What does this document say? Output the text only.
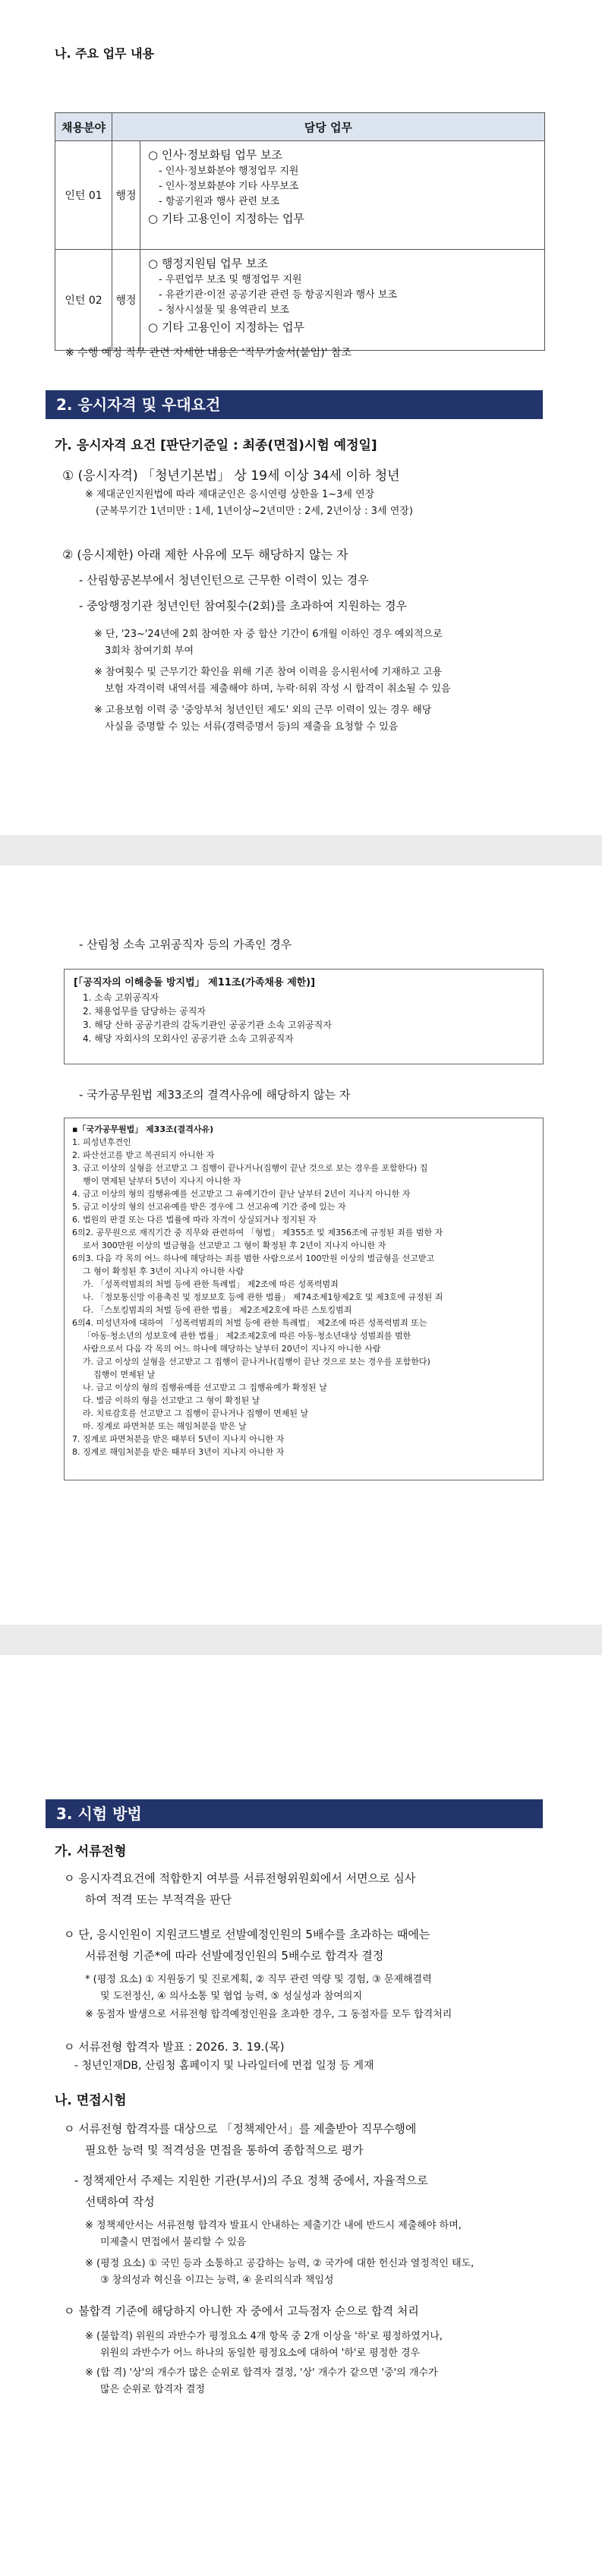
나. 주요 업무 내용
채용분야	담당 업무	
인턴 01	행정	○ 인사·정보화팀 업무 보조
- 인사·정보화분야 행정업무 지원
- 인사·정보화분야 기타 사무보조
- 항공기원과 행사 관련 보조
○ 기타 고용인이 지정하는 업무

인턴 02	행정	○ 행정지원팀 업무 보조
- 우편업무 보조 및 행정업무 지원
- 유관기관·이전 공공기관 관련 등 항공지원과 행사 보조
- 청사시설물 및 용역관리 보조
○ 기타 고용인이 지정하는 업무
※ 수행 예정 직무 관련 자세한 내용은 '직무기술서(붙임)' 참조
2. 응시자격 및 우대요건
가. 응시자격 요건 [판단기준일 : 최종(면접)시험 예정일]
① (응시자격) 「청년기본법」 상 19세 이상 34세 이하 청년
※ 제대군인지원법에 따라 제대군인은 응시연령 상한을 1~3세 연장
(군복무기간 1년미만 : 1세, 1년이상~2년미만 : 2세, 2년이상 : 3세 연장)
② (응시제한) 아래 제한 사유에 모두 해당하지 않는 자
- 산림항공본부에서 청년인턴으로 근무한 이력이 있는 경우
- 중앙행정기관 청년인턴 참여횟수(2회)를 초과하여 지원하는 경우
※ 단, '23~'24년에 2회 참여한 자 중 합산 기간이 6개월 이하인 경우 예외적으로
3회차 참여기회 부여
※ 참여횟수 및 근무기간 확인을 위해 기존 참여 이력을 응시원서에 기재하고 고용
보험 자격이력 내역서를 제출해야 하며, 누락·허위 작성 시 합격이 취소될 수 있음
※ 고용보험 이력 중 '중앙부처 청년인턴 제도' 외의 근무 이력이 있는 경우 해당
사실을 증명할 수 있는 서류(경력증명서 등)의 제출을 요청할 수 있음
- 산림청 소속 고위공직자 등의 가족인 경우
[「공직자의 이해충돌 방지법」 제11조(가족채용 제한)]
1. 소속 고위공직자
2. 채용업무를 담당하는 공직자
3. 해당 산하 공공기관의 감독기관인 공공기관 소속 고위공직자
4. 해당 자회사의 모회사인 공공기관 소속 고위공직자
- 국가공무원법 제33조의 결격사유에 해당하지 않는 자
▪「국가공무원법」 제33조(결격사유)
1. 피성년후견인
2. 파산선고를 받고 복권되지 아니한 자
3. 금고 이상의 실형을 선고받고 그 집행이 끝나거나(집행이 끝난 것으로 보는 경우를 포함한다) 집
행이 면제된 날부터 5년이 지나지 아니한 자
4. 금고 이상의 형의 집행유예를 선고받고 그 유예기간이 끝난 날부터 2년이 지나지 아니한 자
5. 금고 이상의 형의 선고유예를 받은 경우에 그 선고유예 기간 중에 있는 자
6. 법원의 판결 또는 다른 법률에 따라 자격이 상실되거나 정지된 자
6의2. 공무원으로 재직기간 중 직무와 관련하여 「형법」 제355조 및 제356조에 규정된 죄를 범한 자
로서 300만원 이상의 벌금형을 선고받고 그 형이 확정된 후 2년이 지나지 아니한 자
6의3. 다음 각 목의 어느 하나에 해당하는 죄를 범한 사람으로서 100만원 이상의 벌금형을 선고받고
그 형이 확정된 후 3년이 지나지 아니한 사람
가. 「성폭력범죄의 처벌 등에 관한 특례법」 제2조에 따른 성폭력범죄
나. 「정보통신망 이용촉진 및 정보보호 등에 관한 법률」 제74조제1항제2호 및 제3호에 규정된 죄
다. 「스토킹범죄의 처벌 등에 관한 법률」 제2조제2호에 따른 스토킹범죄
6의4. 미성년자에 대하여 「성폭력범죄의 처벌 등에 관한 특례법」 제2조에 따른 성폭력범죄 또는
「아동·청소년의 성보호에 관한 법률」 제2조제2호에 따른 아동·청소년대상 성범죄를 범한
사람으로서 다음 각 목의 어느 하나에 해당하는 날부터 20년이 지나지 아니한 사람
가. 금고 이상의 실형을 선고받고 그 집행이 끝나거나(집행이 끝난 것으로 보는 경우를 포함한다)
집행이 면제된 날
나. 금고 이상의 형의 집행유예를 선고받고 그 집행유예가 확정된 날
다. 벌금 이하의 형을 선고받고 그 형이 확정된 날
라. 치료감호를 선고받고 그 집행이 끝나거나 집행이 면제된 날
마. 징계로 파면처분 또는 해임처분을 받은 날
7. 징계로 파면처분을 받은 때부터 5년이 지나지 아니한 자
8. 징계로 해임처분을 받은 때부터 3년이 지나지 아니한 자
3. 시험 방법
가. 서류전형
ㅇ 응시자격요건에 적합한지 여부를 서류전형위원회에서 서면으로 심사
하여 적격 또는 부적격을 판단
ㅇ 단, 응시인원이 지원코드별로 선발예정인원의 5배수를 초과하는 때에는
서류전형 기준*에 따라 선발예정인원의 5배수로 합격자 결정
* (평정 요소) ① 지원동기 및 진로계획, ② 직무 관련 역량 및 경험, ③ 문제해결력
및 도전정신, ④ 의사소통 및 협업 능력, ⑤ 성실성과 참여의지
※ 동점자 발생으로 서류전형 합격예정인원을 초과한 경우, 그 동점자를 모두 합격처리
ㅇ 서류전형 합격자 발표 : 2026. 3. 19.(목)
- 청년인재DB, 산림청 홈페이지 및 나라일터에 면접 일정 등 게재
나. 면접시험
ㅇ 서류전형 합격자를 대상으로 「정책제안서」를 제출받아 직무수행에
필요한 능력 및 적격성을 면접을 통하여 종합적으로 평가
- 정책제안서 주제는 지원한 기관(부서)의 주요 정책 중에서, 자율적으로
선택하여 작성
※ 정책제안서는 서류전형 합격자 발표시 안내하는 제출기간 내에 반드시 제출해야 하며,
미제출시 면접에서 불리할 수 있음
※ (평정 요소) ① 국민 등과 소통하고 공감하는 능력, ② 국가에 대한 헌신과 열정적인 태도,
③ 창의성과 혁신을 이끄는 능력, ④ 윤리의식과 책임성
ㅇ 불합격 기준에 해당하지 아니한 자 중에서 고득점자 순으로 합격 처리
※ (불합격) 위원의 과반수가 평정요소 4개 항목 중 2개 이상을 '하'로 평정하였거나,
위원의 과반수가 어느 하나의 동일한 평정요소에 대하여 '하'로 평정한 경우
※ (합 격) '상'의 개수가 많은 순위로 합격자 결정, '상' 개수가 같으면 '중'의 개수가
많은 순위로 합격자 결정
